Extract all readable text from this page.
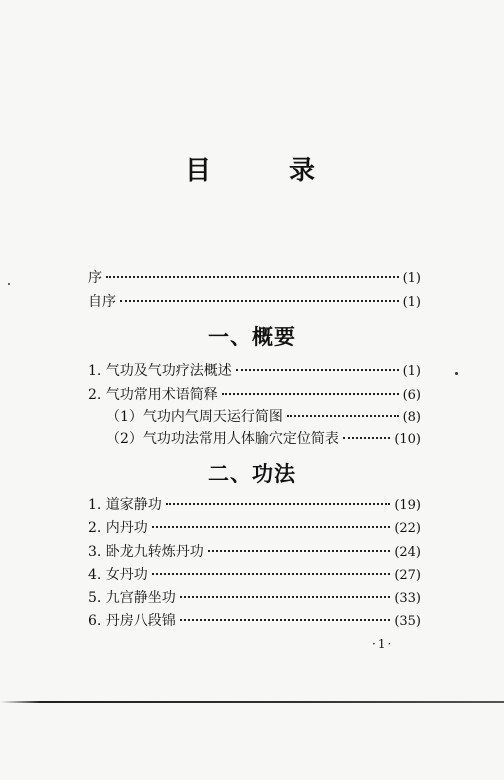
目	录
序	(1)
自序	(1)
一、概要
1. 气功及气功疗法概述	(1)
2. 气功常用术语简释	(6)
（1）气功内气周天运行简图	(8)
（2）气功功法常用人体腧穴定位简表	(10)
二、功法
1. 道家静功	(19)
2. 内丹功	(22)
3. 卧龙九转炼丹功	(24)
4. 女丹功	(27)
5. 九宫静坐功	(33)
6. 丹房八段锦	(35)
·1·
